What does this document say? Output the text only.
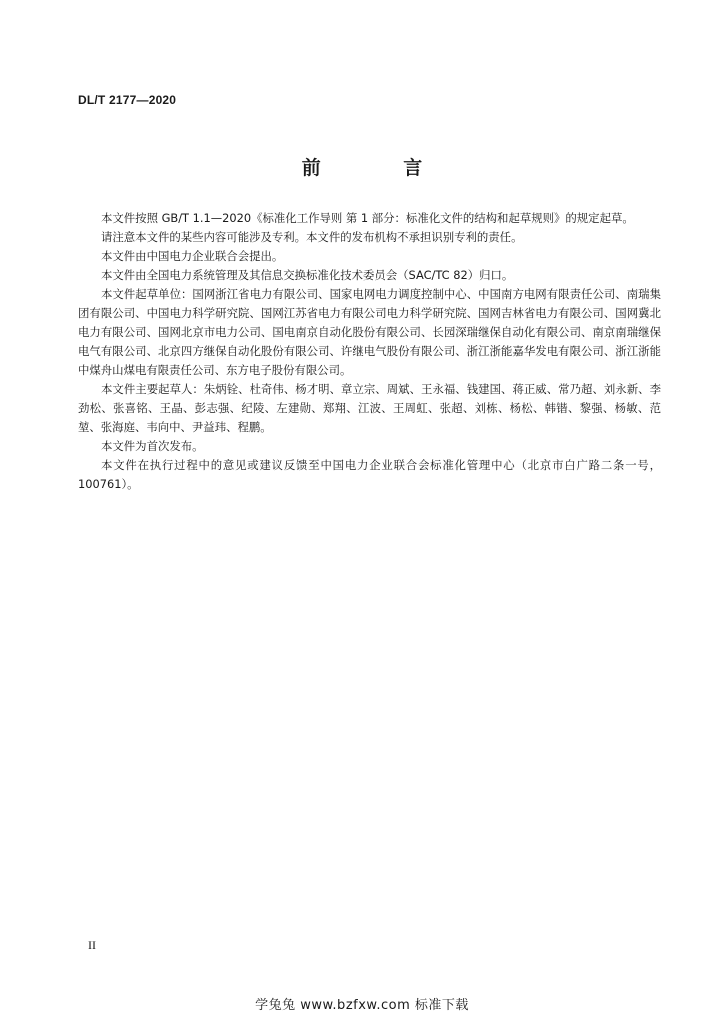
DL/T 2177—2020
前 言

本文件按照 GB/T 1.1—2020《标准化工作导则 第 1 部分：标准化文件的结构和起草规则》的规定起草。

请注意本文件的某些内容可能涉及专利。本文件的发布机构不承担识别专利的责任。

本文件由中国电力企业联合会提出。

本文件由全国电力系统管理及其信息交换标准化技术委员会（SAC/TC 82）归口。

本文件起草单位：国网浙江省电力有限公司、国家电网电力调度控制中心、中国南方电网有限责任公司、南瑞集团有限公司、中国电力科学研究院、国网江苏省电力有限公司电力科学研究院、国网吉林省电力有限公司、国网冀北电力有限公司、国网北京市电力公司、国电南京自动化股份有限公司、长园深瑞继保自动化有限公司、南京南瑞继保电气有限公司、北京四方继保自动化股份有限公司、许继电气股份有限公司、浙江浙能嘉华发电有限公司、浙江浙能中煤舟山煤电有限责任公司、东方电子股份有限公司。

本文件主要起草人：朱炳铨、杜奇伟、杨才明、章立宗、周斌、王永福、钱建国、蒋正威、常乃超、刘永新、李劲松、张喜铭、王晶、彭志强、纪陵、左建勋、郑翔、江波、王周虹、张超、刘栋、杨松、韩锴、黎强、杨敏、范堃、张海庭、韦向中、尹益玮、程鹏。

本文件为首次发布。

本文件在执行过程中的意见或建议反馈至中国电力企业联合会标准化管理中心（北京市白广路二条一号，100761）。

II
学兔兔 www.bzfxw.com 标准下载
